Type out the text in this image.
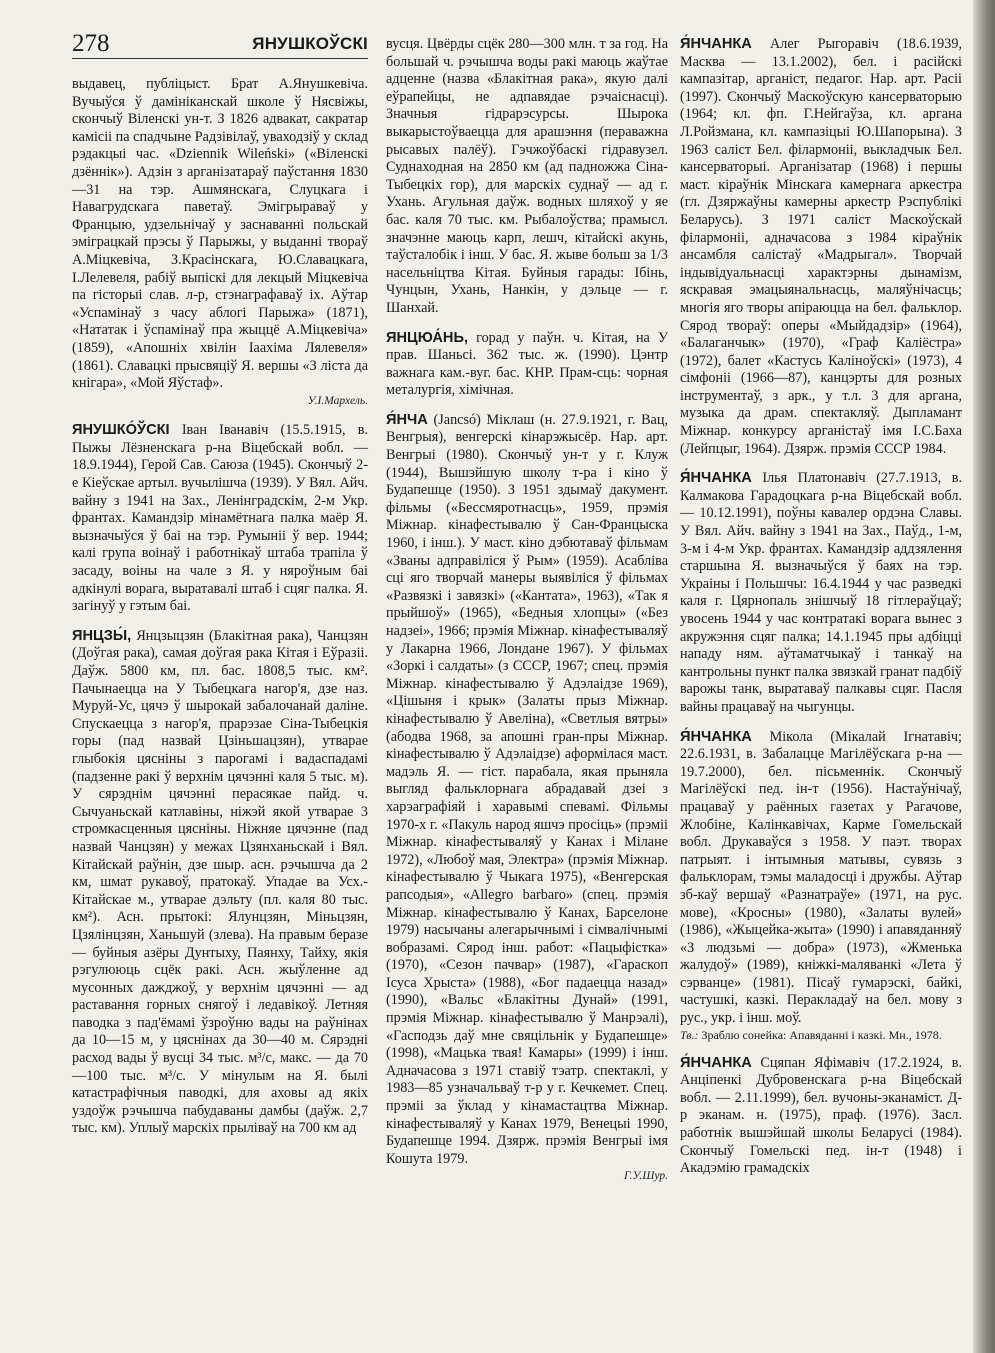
278	ЯНУШКОЎСКІ

выдавец, публіцыст. Брат А.Янушкевіча. Вучыўся ў дамініканскай школе ў Нясвіжы, скончыў Віленскі ун-т. З 1826 адвакат, сакратар камісіі па спадчыне Радзівілаў, уваходзіў у склад рэдакцыі час. «Dziennik Wileński» («Віленскі дзённік»). Адзін з арганізатараў паўстання 1830—31 на тэр. Ашмянскага, Слуцкага і Навагрудскага паветаў. Эмігрыраваў у Францыю, удзельнічаў у заснаванні польскай эміграцкай прэсы ў Парыжы, у выданні твораў А.Міцкевіча, З.Красінскага, Ю.Славацкага, І.Лелевеля, рабіў выпіскі для лекцый Міцкевіча па гісторыі слав. л-р, стэнаграфаваў іх. Аўтар «Успамінаў з часу аблогі Парыжа» (1871), «Нататак і ўспамінаў пра жыццё А.Міцкевіча» (1859), «Апошніх хвілін Іаахіма Лялевеля» (1861). Славацкі прысвяціў Я. вершы «З ліста да кнігара», «Мой Яўстаф».

У.І.Мархель.

ЯНУШКО́ЎСКІ Іван Іванавіч (15.5.1915, в. Пыжы Лёзненскага р-на Віцебскай вобл. — 18.9.1944), Герой Сав. Саюза (1945). Скончыў 2-е Кіеўскае артыл. вучылішча (1939). У Вял. Айч. вайну з 1941 на Зах., Ленінградскім, 2-м Укр. франтах. Камандзір мінамётнага палка маёр Я. вызначыўся ў баі на тэр. Румыніі ў вер. 1944; калі група воінаў і работнікаў штаба трапіла ў засаду, воіны на чале з Я. у няроўным баі адкінулі ворага, выратавалі штаб і сцяг палка. Я. загінуў у гэтым баі.

ЯНЦЗЫ́, Янцзыцзян (Блакітная рака), Чанцзян (Доўгая рака), самая доўгая рака Кітая і Еўразіі. Даўж. 5800 км, пл. бас. 1808,5 тыс. км². Пачынаецца на У Тыбецкага нагор'я, дзе наз. Муруй-Ус, цячэ ў шырокай забалочанай даліне. Спускаецца з нагор'я, прарэзае Сіна-Тыбецкія горы (пад назвай Цзіньшацзян), утварае глыбокія цясніны з парогамі і вадаспадамі (падзенне ракі ў верхнім цячэнні каля 5 тыс. м). У сярэднім цячэнні перасякае пайд. ч. Сычуаньскай катлавіны, ніжэй якой утварае 3 стромкасценныя цясніны. Ніжняе цячэнне (пад назвай Чанцзян) у межах Цзянханьскай і Вял. Кітайскай раўнін, дзе шыр. асн. рэчышча да 2 км, шмат рукавоў, пратокаў. Упадае ва Усх.-Кітайскае м., утварае дэльту (пл. каля 80 тыс. км²). Асн. прытокі: Ялунцзян, Міньцзян, Цзялінцзян, Ханьшуй (злева). На правым беразе — буйныя азёры Дунтыху, Паянху, Тайху, якія рэгулююць сцёк ракі. Асн. жыўленне ад мусонных дажджоў, у верхнім цячэнні — ад раставання горных снягоў і ледавікоў. Летняя паводка з пад'ёмамі ўзроўню вады на раўнінах да 10—15 м, у цяснінах да 30—40 м. Сярэдні расход вады ў вусці 34 тыс. м³/с, макс. — да 70—100 тыс. м³/с. У мінулым на Я. былі катастрафічныя паводкі, для аховы ад якіх уздоўж рэчышча пабудаваны дамбы (даўж. 2,7 тыс. км). Уплыў марскіх прыліваў на 700 км ад

вусця. Цвёрды сцёк 280—300 млн. т за год. На большай ч. рэчышча воды ракі маюць жаўтае адценне (назва «Блакітная рака», якую далі еўрапейцы, не адпавядае рэчаіснасці). Значныя гідрарэсурсы. Шырока выкарыстоўваецца для арашэння (пераважна рысавых палёў). Гэчжоўбаскі гідравузел. Суднаходная на 2850 км (ад падножжа Сіна-Тыбецкіх гор), для марскіх суднаў — ад г. Ухань. Агульная даўж. водных шляхоў у яе бас. каля 70 тыс. км. Рыбалоўства; прамысл. значэнне маюць карп, лешч, кітайскі акунь, таўсталобік і інш. У бас. Я. жыве больш за 1/3 насельніцтва Кітая. Буйныя гарады: Ібінь, Чунцын, Ухань, Нанкін, у дэльце — г. Шанхай.

ЯНЦЮА́НЬ, горад у паўн. ч. Кітая, на У прав. Шаньсі. 362 тыс. ж. (1990). Цэнтр важнага кам.-вуг. бас. КНР. Прам-сць: чорная металургія, хімічная.

Я́НЧА (Jancsó) Міклаш (н. 27.9.1921, г. Вац, Венгрыя), венгерскі кінарэжысёр. Нар. арт. Венгрыі (1980). Скончыў ун-т у г. Клуж (1944), Вышэйшую школу т-ра і кіно ў Будапешце (1950). З 1951 здымаў дакумент. фільмы («Бессмяротнасць», 1959, прэмія Міжнар. кінафестывалю ў Сан-Францыска 1960, і інш.). У маст. кіно дэбютаваў фільмам «Званы адправіліся ў Рым» (1959). Асабліва сці яго творчай манеры выявіліся ў фільмах «Развязкі і завязкі» («Кантата», 1963), «Так я прыйшоў» (1965), «Бедныя хлопцы» («Без надзеі», 1966; прэмія Міжнар. кінафестываляў у Лакарна 1966, Лондане 1967). У фільмах «Зоркі і салдаты» (з СССР, 1967; спец. прэмія Міжнар. кінафестывалю ў Адэлаідзе 1969), «Цішыня і крык» (Залаты прыз Міжнар. кінафестывалю ў Авеліна), «Светлыя вятры» (абодва 1968, за апошні гран-пры Міжнар. кінафестывалю ў Адэлаідзе) аформілася маст. мадэль Я. — гіст. парабала, якая прыняла выгляд фальклорнага абрадавай дзеі з харэаграфіяй і харавымі спевамі. Фільмы 1970-х г. «Пакуль народ яшчэ просіць» (прэміі Міжнар. кінафестываляў у Канах і Мілане 1972), «Любоў мая, Электра» (прэмія Міжнар. кінафестывалю ў Чыкага 1975), «Венгерская рапсодыя», «Allegro barbaro» (спец. прэмія Міжнар. кінафестывалю ў Канах, Барселоне 1979) насычаны алегарычнымі і сімвалічнымі вобразамі. Сярод інш. работ: «Пацыфістка» (1970), «Сезон пачвар» (1987), «Гараскоп Ісуса Хрыста» (1988), «Бог падаецца назад» (1990), «Вальс «Блакітны Дунай» (1991, прэмія Міжнар. кінафестывалю ў Манрэалі), «Гасподзь даў мне свяцільнік у Будапешце» (1998), «Мацька твая! Камары» (1999) і інш. Адначасова з 1971 ставіў тэатр. спектаклі, у 1983—85 узначальваў т-р у г. Кечкемет. Спец. прэміі за ўклад у кінамастацтва Міжнар. кінафестываляў у Канах 1979, Венецыі 1990, Будапешце 1994. Дзярж. прэмія Венгрыі імя Кошута 1979.

Г.У.Шур.

Я́НЧАНКА Алег Рыгоравіч (18.6.1939, Масква — 13.1.2002), бел. і расійскі кампазітар, арганіст, педагог. Нар. арт. Расіі (1997). Скончыў Маскоўскую кансерваторыю (1964; кл. фп. Г.Нейгаўза, кл. аргана Л.Ройзмана, кл. кампазіцыі Ю.Шапорына). З 1963 саліст Бел. філармоніі, выкладчык Бел. кансерваторыі. Арганізатар (1968) і першы маст. кіраўнік Мінскага камернага аркестра (гл. Дзяржаўны камерны аркестр Рэспублікі Беларусь). З 1971 саліст Маскоўскай філармоніі, адначасова з 1984 кіраўнік ансамбля салістаў «Мадрыгал». Творчай індывідуальнасці характэрны дынамізм, яскравая эмацыянальнасць, маляўнічасць; многія яго творы апіраюцца на бел. фальклор. Сярод твораў: оперы «Мыйдадзір» (1964), «Балаганчык» (1970), «Граф Каліёстра» (1972), балет «Кастусь Каліноўскі» (1973), 4 сімфоніі (1966—87), канцэрты для розных інструментаў, з арк., у т.л. 3 для аргана, музыка да драм. спектакляў. Дыпламант Міжнар. конкурсу арганістаў імя І.С.Баха (Лейпцыг, 1964). Дзярж. прэмія СССР 1984.

Я́НЧАНКА Ілья Платонавіч (27.7.1913, в. Калмакова Гарадоцкага р-на Віцебскай вобл. — 10.12.1991), поўны кавалер ордэна Славы. У Вял. Айч. вайну з 1941 на Зах., Паўд., 1-м, 3-м і 4-м Укр. франтах. Камандзір аддзялення старшына Я. вызначыўся ў баях на тэр. Украіны і Польшчы: 16.4.1944 у час разведкі каля г. Цярнопаль знішчыў 18 гітлераўцаў; увосень 1944 у час контратакі ворага вынес з акружэння сцяг палка; 14.1.1945 пры адбіцці нападу ням. аўтаматчыкаў і танкаў на кантрольны пункт палка звязкай гранат падбіў варожы танк, выратаваў палкавы сцяг. Пасля вайны працаваў на чыгунцы.

Я́НЧАНКА Мікола (Мікалай Ігнатавіч; 22.6.1931, в. Забалацце Магілёўскага р-на — 19.7.2000), бел. пісьменнік. Скончыў Магілёўскі пед. ін-т (1956). Настаўнічаў, працаваў у раённых газетах у Рагачове, Жлобіне, Калінкавічах, Карме Гомельскай вобл. Друкаваўся з 1958. У паэт. творах патрыят. і інтымныя матывы, сувязь з фальклорам, тэмы маладосці і дружбы. Аўтар зб-каў вершаў «Разнатраўе» (1971, на рус. мове), «Кросны» (1980), «Залаты вулей» (1986), «Жыцейка-жыта» (1990) і апавяданняў «З людзьмі — добра» (1973), «Жменька жалудоў» (1989), кніжкі-маляванкі «Лета ў сэрванце» (1981). Пісаў гумарэскі, байкі, частушкі, казкі. Перакладаў на бел. мову з рус., укр. і інш. моў.

Тв.: Зраблю сонейка: Апавяданні і казкі. Мн., 1978.

Я́НЧАНКА Сцяпан Яфімавіч (17.2.1924, в. Анціпенкі Дубровенскага р-на Віцебскай вобл. — 2.11.1999), бел. вучоны-эканаміст. Д-р эканам. н. (1975), праф. (1976). Засл. работнік вышэйшай школы Беларусі (1984). Скончыў Гомельскі пед. ін-т (1948) і Акадэмію грамадскіх
